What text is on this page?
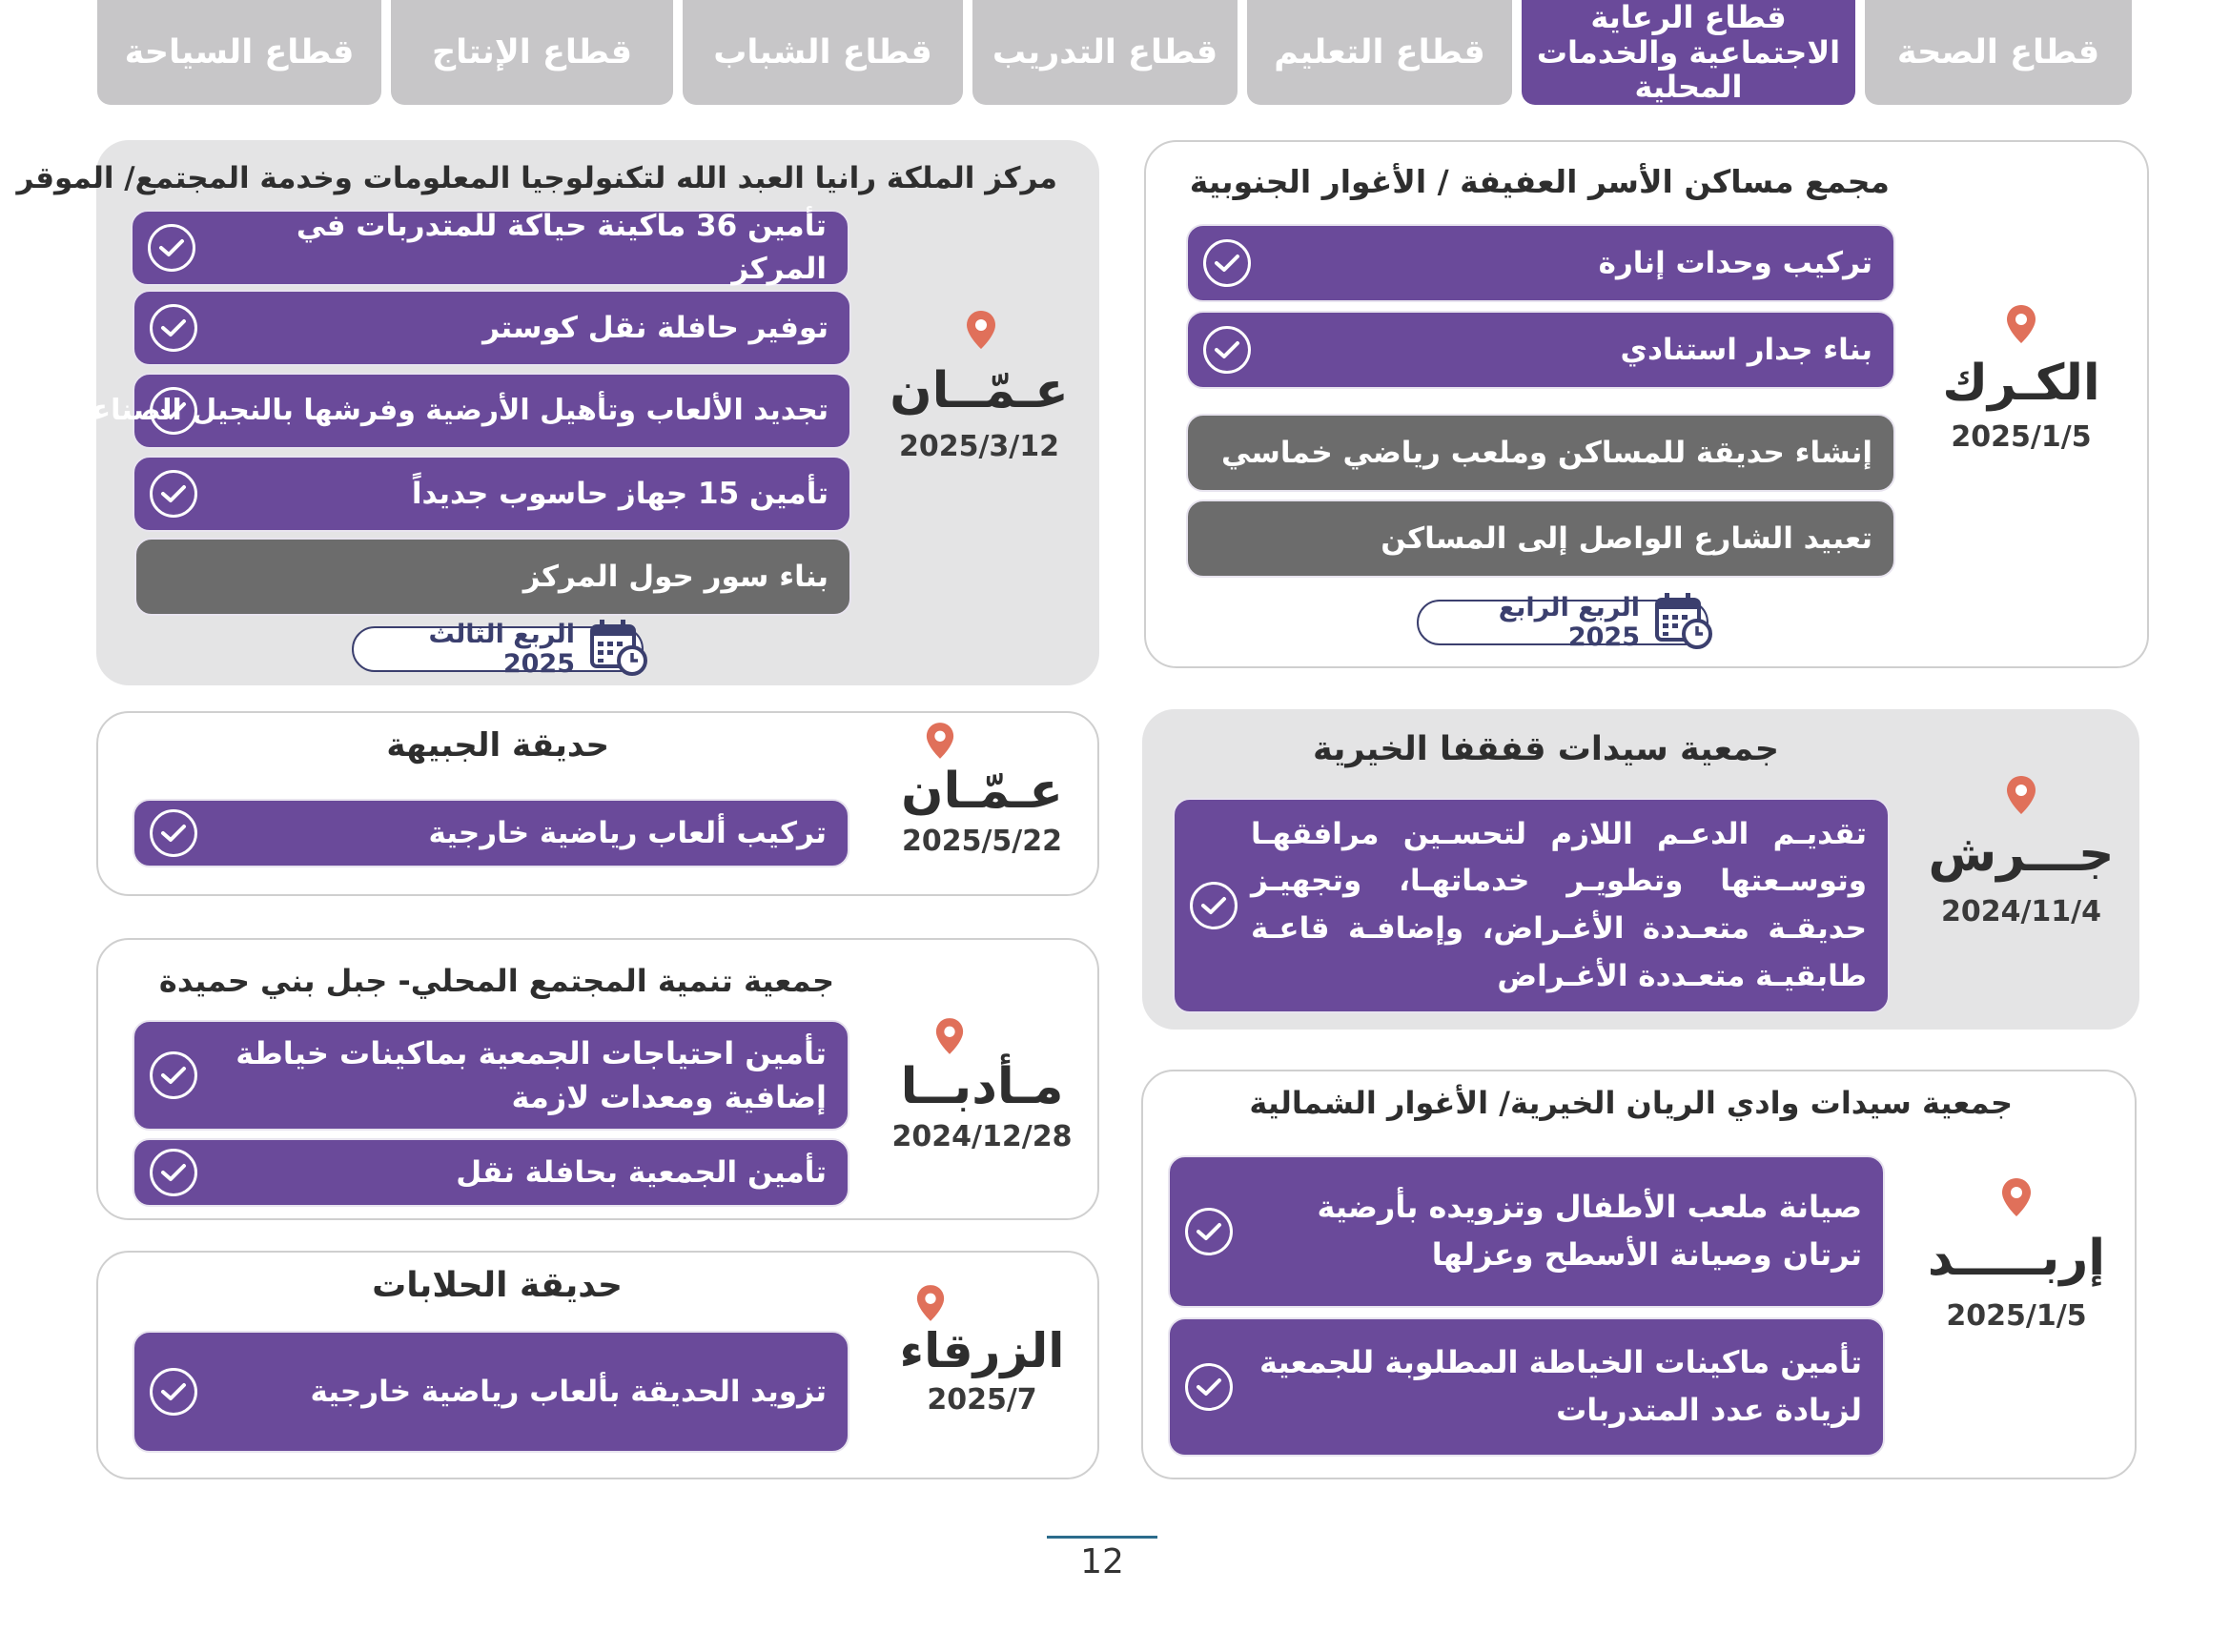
قطاع الصحة
قطاع الرعاية الاجتماعية والخدمات المحلية
قطاع التعليم
قطاع التدريب
قطاع الشباب
قطاع الإنتاج
قطاع السياحة
مجمع مساكن الأسر العفيفة / الأغوار الجنوبية
تركيب وحدات إنارة
بناء جدار استنادي
إنشاء حديقة للمساكن وملعب رياضي خماسي
تعبيد الشارع الواصل إلى المساكن
الربع الرابع 2025
الكـرك
2025/1/5
مركز الملكة رانيا العبد الله لتكنولوجيا المعلومات وخدمة المجتمع/ الموقر
تأمين 36 ماكينة حياكة للمتدربات في المركز
توفير حافلة نقل كوستر
تجديد الألعاب وتأهيل الأرضية وفرشها بالنجيل الصناعي
تأمين 15 جهاز حاسوب جديداً
بناء سور حول المركز
الربع الثالث 2025
عـمّــان
2025/3/12
جمعية سيدات قفقفا الخيرية
تقديـم الدعـم اللازم لتحسـين مرافقهـا وتوسـعتها وتطويـر خدماتهـا، وتجهيـز حديقـة متعـددة الأغـراض، وإضافـة قاعـة طابقيـة متعـددة الأغـراض
جـــرش
2024/11/4
حديقة الجبيهة
تركيب ألعاب رياضية خارجية
عـمّـان
2025/5/22
جمعية تنمية المجتمع المحلي- جبل بني حميدة
تأمين احتياجات الجمعية بماكينات خياطة إضافية ومعدات لازمة
تأمين الجمعية بحافلة نقل
مـأدبــا
2024/12/28
جمعية سيدات وادي الريان الخيرية/ الأغوار الشمالية
صيانة ملعب الأطفال وتزويده بأرضية ترتان وصيانة الأسطح وعزلها
تأمين ماكينات الخياطة المطلوبة للجمعية لزيادة عدد المتدربات
إربـــــد
2025/1/5
حديقة الحلابات
تزويد الحديقة بألعاب رياضية خارجية
الزرقاء
2025/7
12
